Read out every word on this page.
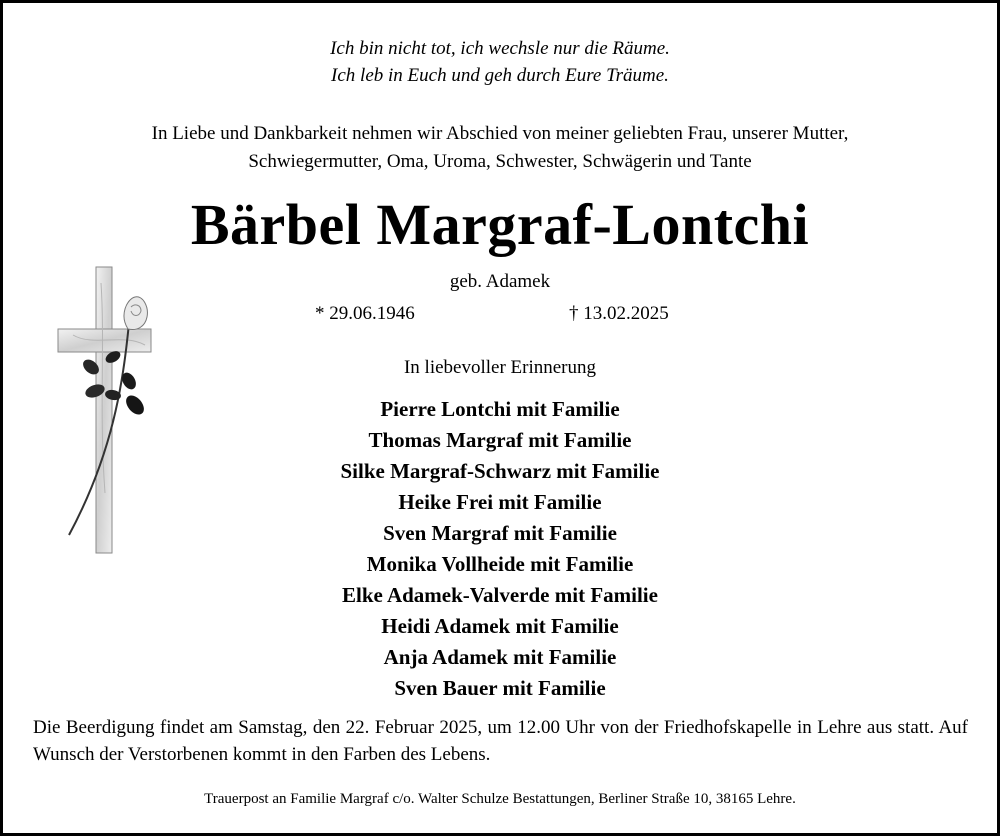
Ich bin nicht tot, ich wechsle nur die Räume.
Ich leb in Euch und geh durch Eure Träume.
In Liebe und Dankbarkeit nehmen wir Abschied von meiner geliebten Frau, unserer Mutter,
Schwiegermutter, Oma, Uroma, Schwester, Schwägerin und Tante
Bärbel Margraf-Lontchi
geb. Adamek
* 29.06.1946	† 13.02.2025
In liebevoller Erinnerung
Pierre Lontchi mit Familie
Thomas Margraf mit Familie
Silke Margraf-Schwarz mit Familie
Heike Frei mit Familie
Sven Margraf mit Familie
Monika Vollheide mit Familie
Elke Adamek-Valverde mit Familie
Heidi Adamek mit Familie
Anja Adamek mit Familie
Sven Bauer mit Familie
Die Beerdigung findet am Samstag, den 22. Februar 2025, um 12.00 Uhr von der Friedhofskapelle in Lehre aus statt. Auf Wunsch der Verstorbenen kommt in den Farben des Lebens.
Trauerpost an Familie Margraf c/o. Walter Schulze Bestattungen, Berliner Straße 10, 38165 Lehre.
